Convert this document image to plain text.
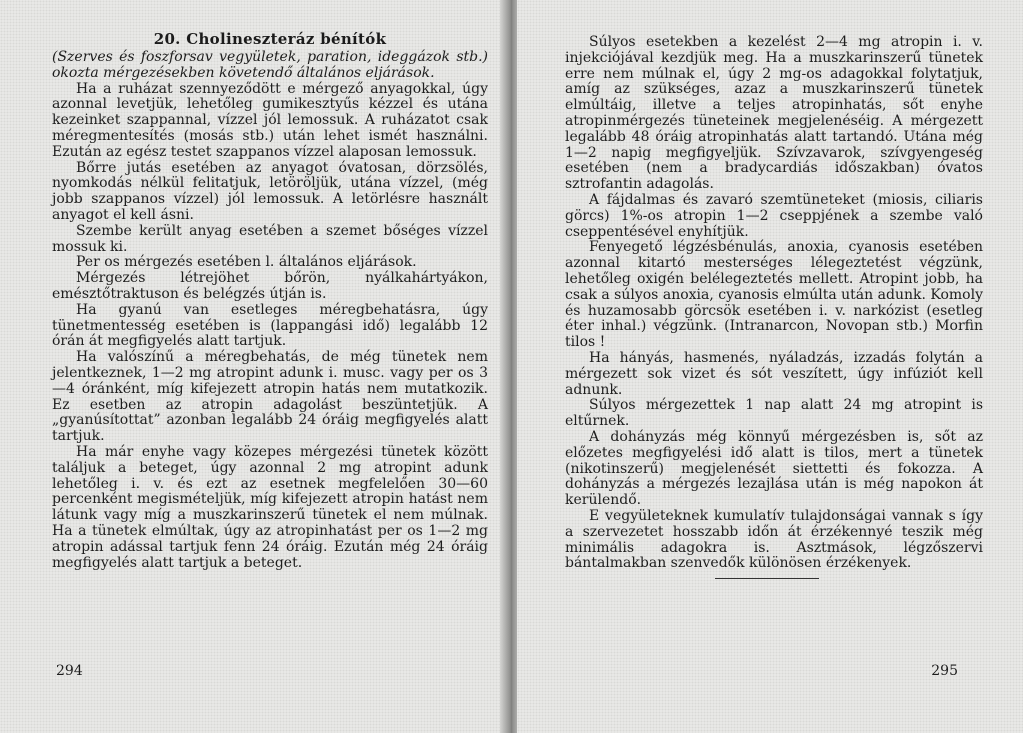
20. Cholineszteráz bénítók

(Szerves és foszforsav vegyületek, paration, ideggázok stb.) okozta mérgezésekben követendő általános eljárások.

Ha a ruházat szennyeződött e mérgező anyagokkal, úgy azonnal levetjük, lehetőleg gumikesztyűs kézzel és utána kezeinket szappannal, vízzel jól lemossuk. A ruházatot csak méregmentesítés (mosás stb.) után lehet ismét használni. Ezután az egész testet szappanos vízzel alaposan lemossuk.

Bőrre jutás esetében az anyagot óvatosan, dörzsölés, nyomkodás nélkül felitatjuk, letöröljük, utána vízzel, (még jobb szappanos vízzel) jól lemossuk. A letörlésre használt anyagot el kell ásni.

Szembe került anyag esetében a szemet bőséges vízzel mossuk ki.

Per os mérgezés esetében l. általános eljárások.

Mérgezés létrejöhet bőrön, nyálkahártyákon, emésztőtraktuson és belégzés útján is.

Ha gyanú van esetleges méregbehatásra, úgy tünetmentesség esetében is (lappangási idő) legalább 12 órán át megfigyelés alatt tartjuk.

Ha valószínű a méregbehatás, de még tünetek nem jelentkeznek, 1—2 mg atropint adunk i. musc. vagy per os 3—4 óránként, míg kifejezett atropin hatás nem mutatkozik. Ez esetben az atropin adagolást beszüntetjük. A „gyanúsítottat” azonban legalább 24 óráig megfigyelés alatt tartjuk.

Ha már enyhe vagy közepes mérgezési tünetek között találjuk a beteget, úgy azonnal 2 mg atropint adunk lehetőleg i. v. és ezt az esetnek megfelelően 30—60 percenként megismételjük, míg kifejezett atropin hatást nem látunk vagy míg a muszkarinszerű tünetek el nem múlnak. Ha a tünetek elmúltak, úgy az atropinhatást per os 1—2 mg atropin adással tartjuk fenn 24 óráig. Ezután még 24 óráig megfigyelés alatt tartjuk a beteget.

294

Súlyos esetekben a kezelést 2—4 mg atropin i. v. injekciójával kezdjük meg. Ha a muszkarinszerű tünetek erre nem múlnak el, úgy 2 mg-os adagokkal folytatjuk, amíg az szükséges, azaz a muszkarinszerű tünetek elmúltáig, illetve a teljes atropinhatás, sőt enyhe atropinmérgezés tüneteinek megjelenéséig. A mérgezett legalább 48 óráig atropinhatás alatt tartandó. Utána még 1—2 napig megfigyeljük. Szívzavarok, szívgyengeség esetében (nem a bradycardiás időszakban) óvatos sztrofantin adagolás.

A fájdalmas és zavaró szemtüneteket (miosis, ciliaris görcs) 1%-os atropin 1—2 cseppjének a szembe való cseppentésével enyhítjük.

Fenyegető légzésbénulás, anoxia, cyanosis esetében azonnal kitartó mesterséges lélegeztetést végzünk, lehetőleg oxigén belélegeztetés mellett. Atropint jobb, ha csak a súlyos anoxia, cyanosis elmúlta után adunk. Komoly és huzamosabb görcsök esetében i. v. narkózist (esetleg éter inhal.) végzünk. (Intranarcon, Novopan stb.) Morfin tilos !

Ha hányás, hasmenés, nyáladzás, izzadás folytán a mérgezett sok vizet és sót veszített, úgy infúziót kell adnunk.

Súlyos mérgezettek 1 nap alatt 24 mg atropint is eltűrnek.

A dohányzás még könnyű mérgezésben is, sőt az előzetes megfigyelési idő alatt is tilos, mert a tünetek (nikotinszerű) megjelenését siettetti és fokozza. A dohányzás a mérgezés lezajlása után is még napokon át kerülendő.

E vegyületeknek kumulatív tulajdonságai vannak s így a szervezetet hosszabb időn át érzékennyé teszik még minimális adagokra is. Asztmások, légzőszervi bántalmakban szenvedők különösen érzékenyek.

295
